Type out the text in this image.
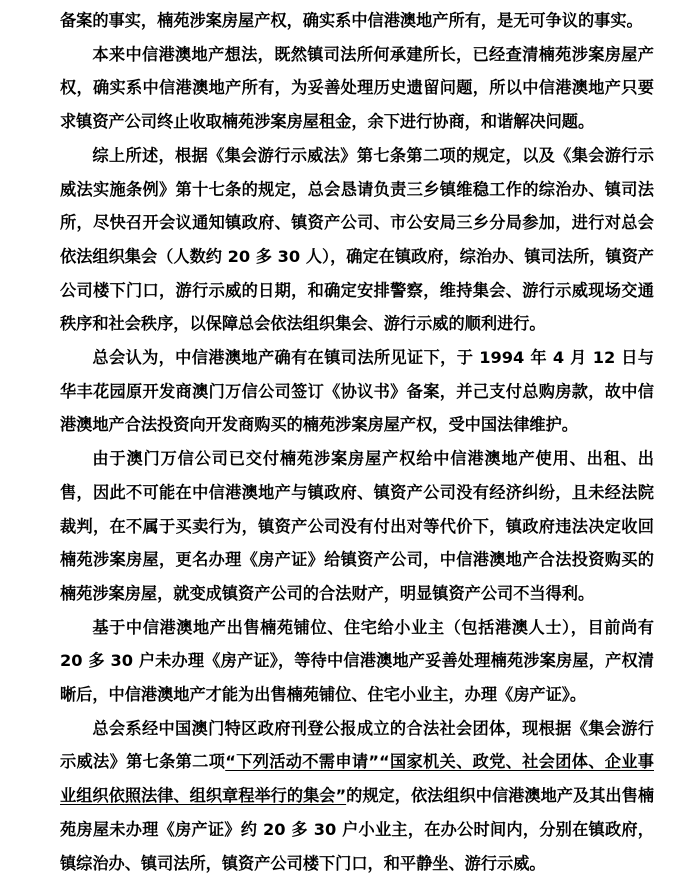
备案的事实，楠苑涉案房屋产权，确实系中信港澳地产所有，是无可争议的事实。

本来中信港澳地产想法，既然镇司法所何承建所长，已经查清楠苑涉案房屋产权，确实系中信港澳地产所有，为妥善处理历史遗留问题，所以中信港澳地产只要求镇资产公司终止收取楠苑涉案房屋租金，余下进行协商，和谐解决问题。

综上所述，根据《集会游行示威法》第七条第二项的规定，以及《集会游行示威法实施条例》第十七条的规定，总会恳请负责三乡镇维稳工作的综治办、镇司法所，尽快召开会议通知镇政府、镇资产公司、市公安局三乡分局参加，进行对总会依法组织集会（人数约 20 多 30 人），确定在镇政府，综治办、镇司法所，镇资产公司楼下门口，游行示威的日期，和确定安排警察，维持集会、游行示威现场交通秩序和社会秩序，以保障总会依法组织集会、游行示威的顺利进行。

总会认为，中信港澳地产确有在镇司法所见证下，于 1994 年 4 月 12 日与华丰花园原开发商澳门万信公司签订《协议书》备案，并己支付总购房款，故中信港澳地产合法投资向开发商购买的楠苑涉案房屋产权，受中国法律维护。

由于澳门万信公司已交付楠苑涉案房屋产权给中信港澳地产使用、出租、出售，因此不可能在中信港澳地产与镇政府、镇资产公司没有经济纠纷，且未经法院裁判，在不属于买卖行为，镇资产公司没有付出对等代价下，镇政府违法决定收回楠苑涉案房屋，更名办理《房产证》给镇资产公司，中信港澳地产合法投资购买的楠苑涉案房屋，就变成镇资产公司的合法财产，明显镇资产公司不当得利。

基于中信港澳地产出售楠苑铺位、住宅给小业主（包括港澳人士），目前尚有 20 多 30 户未办理《房产证》，等待中信港澳地产妥善处理楠苑涉案房屋，产权清晰后，中信港澳地产才能为出售楠苑铺位、住宅小业主，办理《房产证》。

总会系经中国澳门特区政府刊登公报成立的合法社会团体，现根据《集会游行示威法》第七条第二项“下列活动不需申请”“国家机关、政党、社会团体、企业事业组织依照法律、组织章程举行的集会”的规定，依法组织中信港澳地产及其出售楠苑房屋未办理《房产证》约 20 多 30 户小业主，在办公时间内，分别在镇政府，镇综治办、镇司法所，镇资产公司楼下门口，和平静坐、游行示威。
